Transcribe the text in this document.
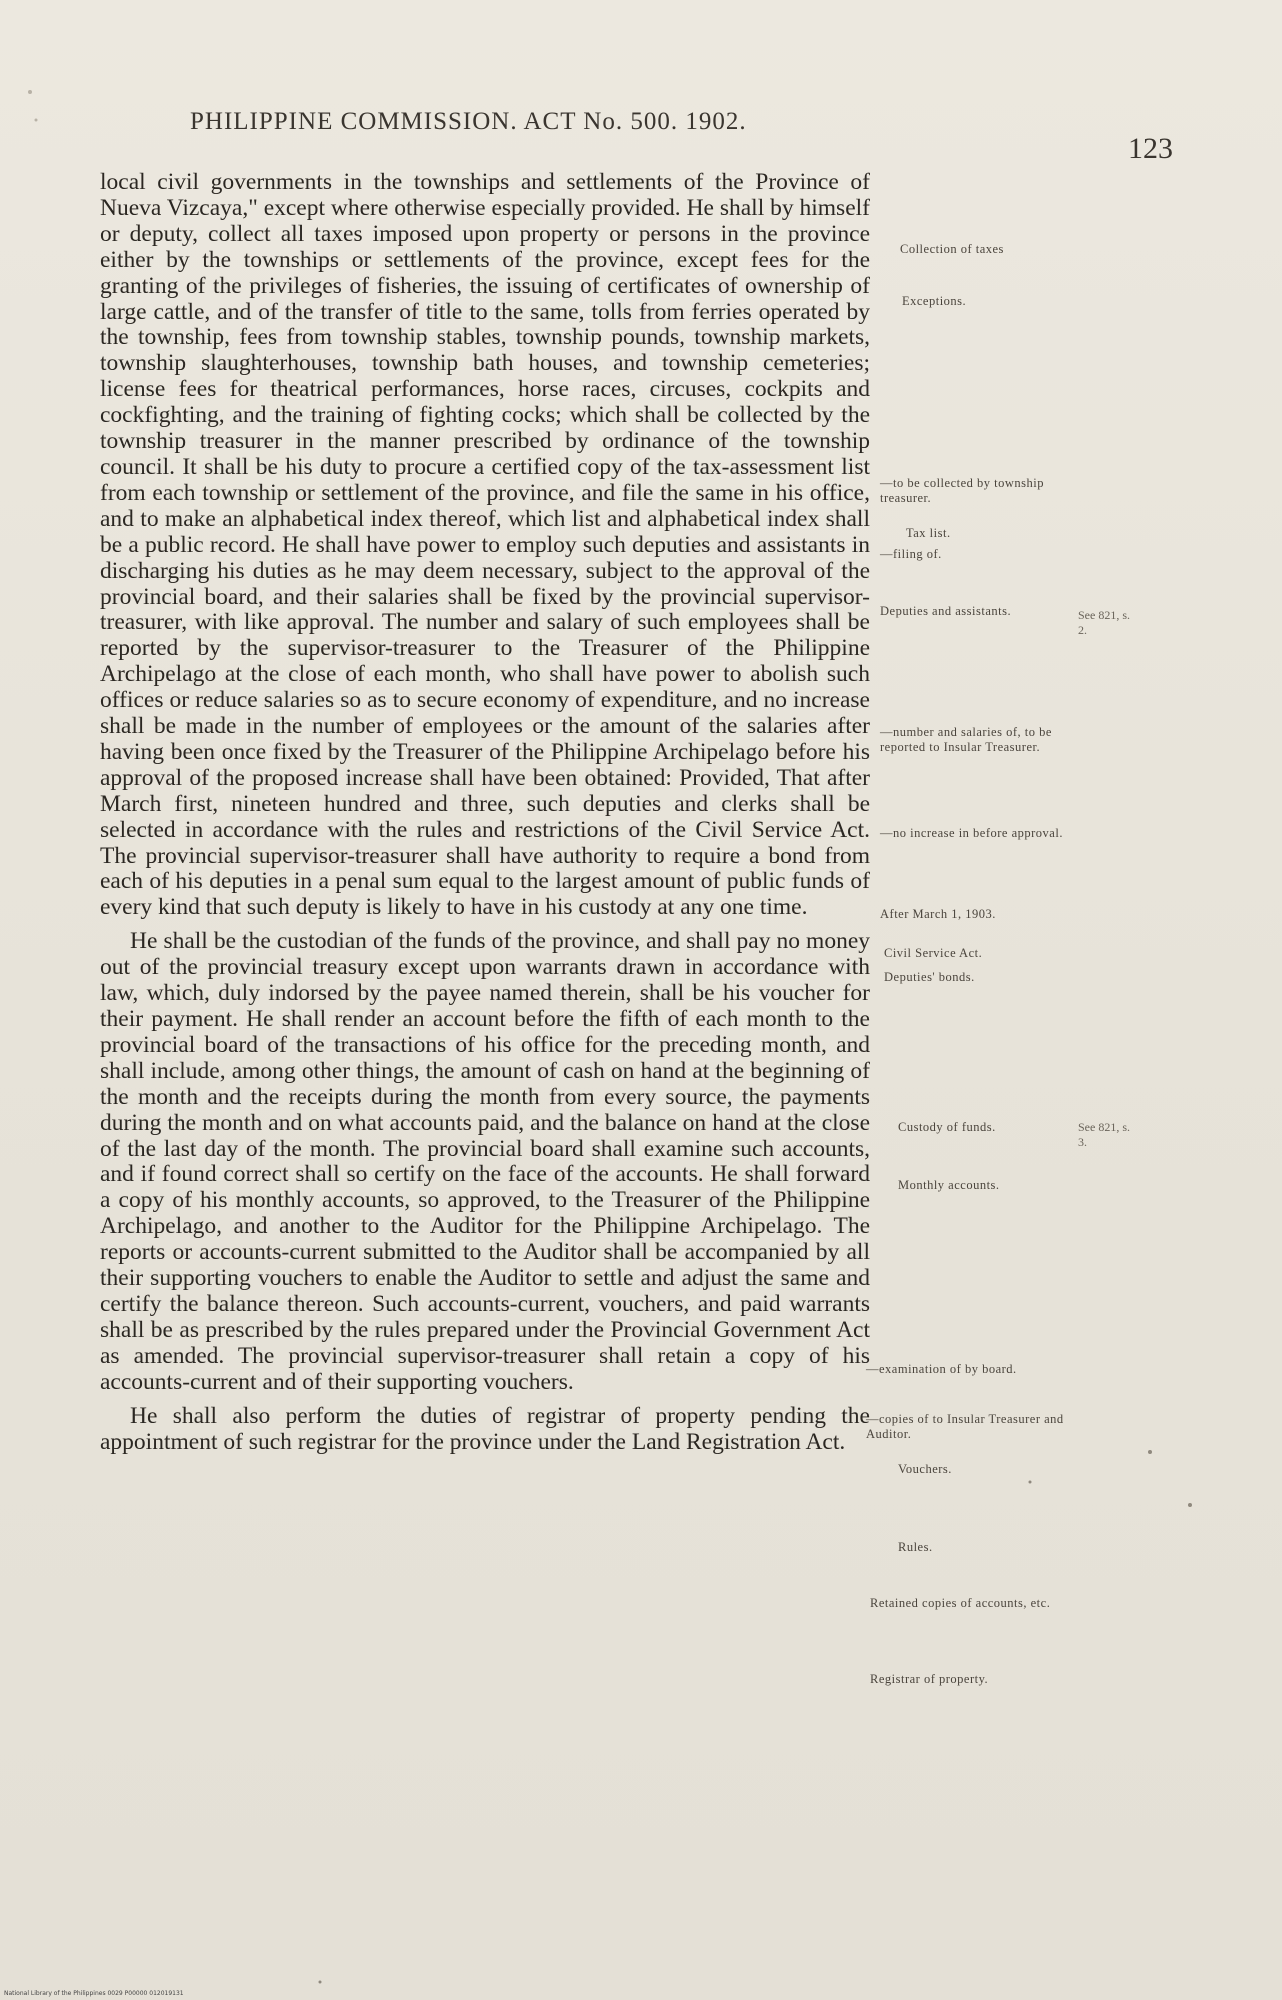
PHILIPPINE COMMISSION. ACT No. 500. 1902.
123

local civil governments in the townships and settlements of the Province of Nueva Vizcaya," except where otherwise especially provided. He shall by himself or deputy, collect all taxes imposed upon property or persons in the province either by the townships or settlements of the province, except fees for the granting of the privileges of fisheries, the issuing of certificates of ownership of large cattle, and of the transfer of title to the same, tolls from ferries operated by the township, fees from township stables, township pounds, township markets, township slaughterhouses, township bath houses, and township cemeteries; license fees for theatrical performances, horse races, circuses, cockpits and cockfighting, and the training of fighting cocks; which shall be collected by the township treasurer in the manner prescribed by ordinance of the township council. It shall be his duty to procure a certified copy of the tax-assessment list from each township or settlement of the province, and file the same in his office, and to make an alphabetical index thereof, which list and alphabetical index shall be a public record. He shall have power to employ such deputies and assistants in discharging his duties as he may deem necessary, subject to the approval of the provincial board, and their salaries shall be fixed by the provincial supervisor-treasurer, with like approval. The number and salary of such employees shall be reported by the supervisor-treasurer to the Treasurer of the Philippine Archipelago at the close of each month, who shall have power to abolish such offices or reduce salaries so as to secure economy of expenditure, and no increase shall be made in the number of employees or the amount of the salaries after having been once fixed by the Treasurer of the Philippine Archipelago before his approval of the proposed increase shall have been obtained: Provided, That after March first, nineteen hundred and three, such deputies and clerks shall be selected in accordance with the rules and restrictions of the Civil Service Act. The provincial supervisor-treasurer shall have authority to require a bond from each of his deputies in a penal sum equal to the largest amount of public funds of every kind that such deputy is likely to have in his custody at any one time.

He shall be the custodian of the funds of the province, and shall pay no money out of the provincial treasury except upon warrants drawn in accordance with law, which, duly indorsed by the payee named therein, shall be his voucher for their payment. He shall render an account before the fifth of each month to the provincial board of the transactions of his office for the preceding month, and shall include, among other things, the amount of cash on hand at the beginning of the month and the receipts during the month from every source, the payments during the month and on what accounts paid, and the balance on hand at the close of the last day of the month. The provincial board shall examine such accounts, and if found correct shall so certify on the face of the accounts. He shall forward a copy of his monthly accounts, so approved, to the Treasurer of the Philippine Archipelago, and another to the Auditor for the Philippine Archipelago. The reports or accounts-current submitted to the Auditor shall be accompanied by all their supporting vouchers to enable the Auditor to settle and adjust the same and certify the balance thereon. Such accounts-current, vouchers, and paid warrants shall be as prescribed by the rules prepared under the Provincial Government Act as amended. The provincial supervisor-treasurer shall retain a copy of his accounts-current and of their supporting vouchers.

He shall also perform the duties of registrar of property pending the appointment of such registrar for the province under the Land Registration Act.

Collection of taxes
Exceptions.
—to be collected by township treasurer.
Tax list.
—filing of.
Deputies and assistants.
—number and salaries of, to be reported to Insular Treasurer.
—no increase in before approval.
After March 1, 1903.
Civil Service Act.
Deputies' bonds.
Custody of funds.
Monthly accounts.
—examination of by board.
—copies of to Insular Treasurer and Auditor.
Vouchers.
Rules.
Retained copies of accounts, etc.
Registrar of property.
See 821, s. 2.
See 821, s. 3.
National Library of the Philippines 0029 P00000 012019131
